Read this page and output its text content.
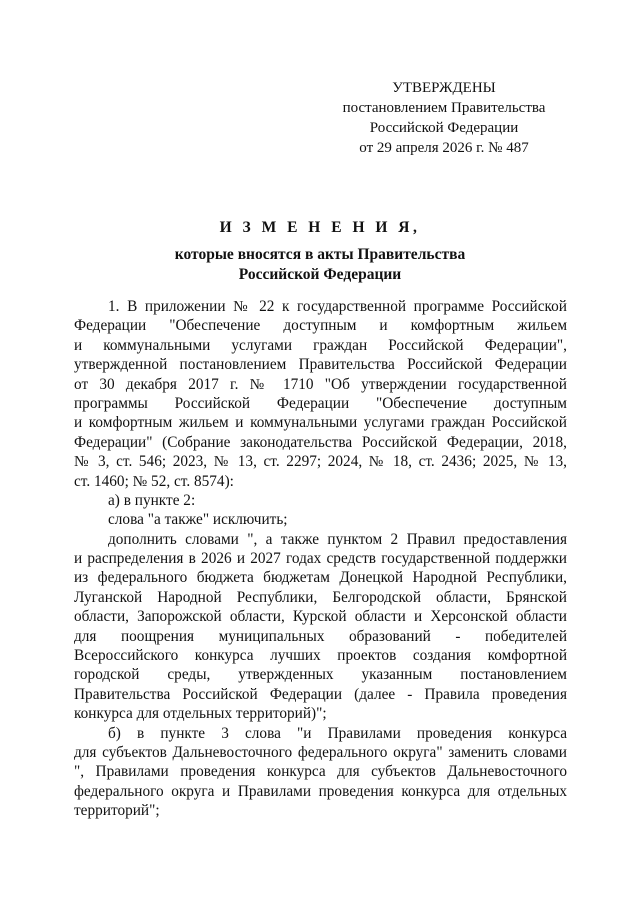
УТВЕРЖДЕНЫ
постановлением Правительства
Российской Федерации
от 29 апреля 2026 г. № 487
И З М Е Н Е Н И Я,
которые вносятся в акты Правительства
Российской Федерации
1. В приложении № 22 к государственной программе Российской
Федерации "Обеспечение доступным и комфортным жильем
и коммунальными услугами граждан Российской Федерации",
утвержденной постановлением Правительства Российской Федерации
от 30 декабря 2017 г. № 1710 "Об утверждении государственной
программы Российской Федерации "Обеспечение доступным
и комфортным жильем и коммунальными услугами граждан Российской
Федерации" (Собрание законодательства Российской Федерации, 2018,
№ 3, ст. 546; 2023, № 13, ст. 2297; 2024, № 18, ст. 2436; 2025, № 13,
ст. 1460; № 52, ст. 8574):
а) в пункте 2:
слова "а также" исключить;
дополнить словами ", а также пунктом 2 Правил предоставления
и распределения в 2026 и 2027 годах средств государственной поддержки
из федерального бюджета бюджетам Донецкой Народной Республики,
Луганской Народной Республики, Белгородской области, Брянской
области, Запорожской области, Курской области и Херсонской области
для поощрения муниципальных образований - победителей
Всероссийского конкурса лучших проектов создания комфортной
городской среды, утвержденных указанным постановлением
Правительства Российской Федерации (далее - Правила проведения
конкурса для отдельных территорий)";
б) в пункте 3 слова "и Правилами проведения конкурса
для субъектов Дальневосточного федерального округа" заменить словами
", Правилами проведения конкурса для субъектов Дальневосточного
федерального округа и Правилами проведения конкурса для отдельных
территорий";
